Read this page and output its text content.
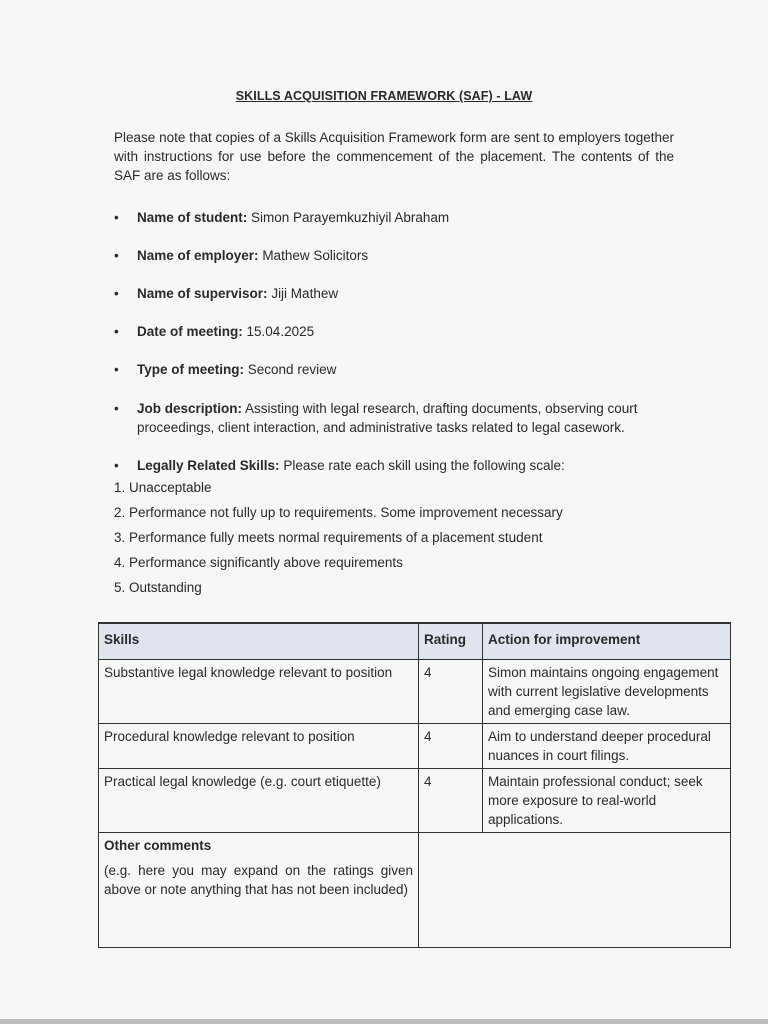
SKILLS ACQUISITION FRAMEWORK (SAF) - LAW
Please note that copies of a Skills Acquisition Framework form are sent to employers together with instructions for use before the commencement of the placement. The contents of the SAF are as follows:
• Name of student: Simon Parayemkuzhiyil Abraham
• Name of employer: Mathew Solicitors
• Name of supervisor: Jiji Mathew
• Date of meeting: 15.04.2025
• Type of meeting: Second review
• Job description: Assisting with legal research, drafting documents, observing court proceedings, client interaction, and administrative tasks related to legal casework.
• Legally Related Skills: Please rate each skill using the following scale:
1. Unacceptable
2. Performance not fully up to requirements. Some improvement necessary
3. Performance fully meets normal requirements of a placement student
4. Performance significantly above requirements
5. Outstanding
Skills	Rating	Action for improvement
Substantive legal knowledge relevant to position	4	Simon maintains ongoing engagement with current legislative developments and emerging case law.
Procedural knowledge relevant to position	4	Aim to understand deeper procedural nuances in court filings.
Practical legal knowledge (e.g. court etiquette)	4	Maintain professional conduct; seek more exposure to real-world applications.

Other comments
(e.g. here you may expand on the ratings given above or note anything that has not been included)		
